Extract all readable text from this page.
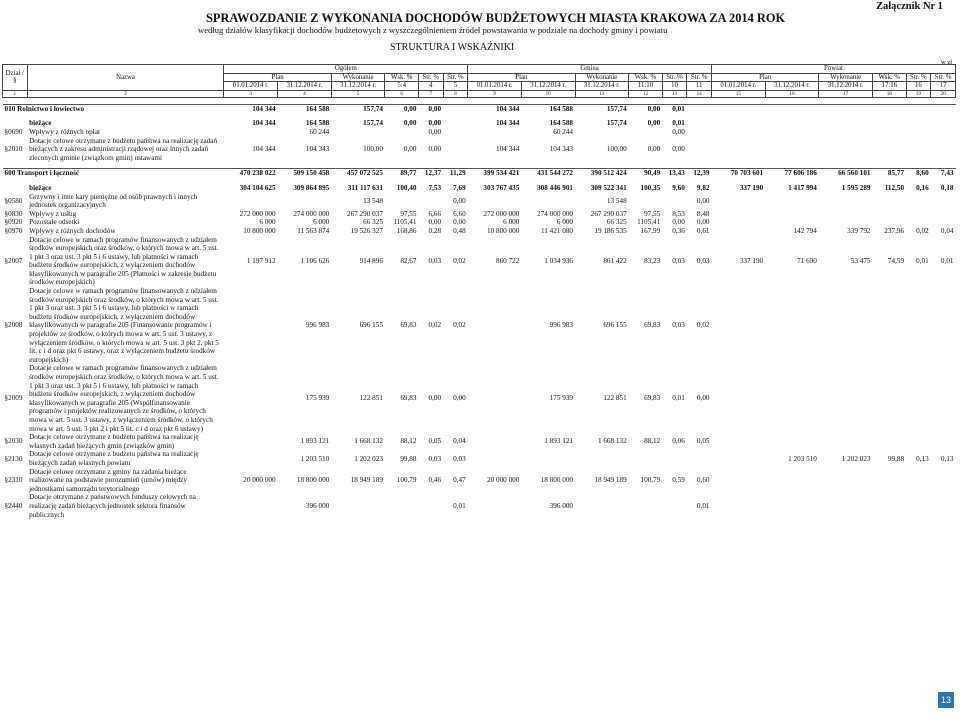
SPRAWOZDANIE Z WYKONANIA DOCHODÓW BUDŻETOWYCH MIASTA KRAKOWA ZA 2014 ROK
według działów klasyfikacji dochodów budżetowych z wyszczególnieniem źródeł powstawania w podziale na dochody gminy i powiatu
Załącznik Nr 1
STRUKTURA I WSKAŹNIKI
w zł
Dział / §	Nazwa	Ogółem						Gmina						Powiat					
		Plan		Wykonanie	Wsk. %	Str. %	Str. %	Plan		Wykonanie	Wsk. %	Str. %	Str. %	Plan		Wykonanie	Wsk. %	Str. %	Str. %
		01.01.2014 r.	31.12.2014 r.	31.12.2014 r.	5:4	4	5	01.01.2014 r.	31.12.2014 r.	31.12.2014 r.	11:10	10	11	01.01.2014 r.	31.12.2014 r.	31.12.2014 r.	17:16	16	17
1	2	3	4	5	6	7	8	9	10	11	12	13	14	15	16	17	18	19	20

010 Rolnictwo i łowiectwo		104 344	164 588	157,74	0,00	0,00		104 344	164 588	157,74	0,00	0,01							

	bieżące	104 344	164 588	157,74	0,00	0,00		104 344	164 588	157,74	0,00	0,01							
§0690	Wpływy z różnych opłat		60 244			0,00			60 244			0,00							
§2010	Dotacje celowe otrzymane z budżetu państwa na realizację zadań bieżących z zakresu administracji rządowej oraz innych zadań zleconych gminie (związkom gmin) ustawami	104 344	104 343	100,00	0,00	0,00		104 344	104 343	100,00	0,00	0,00							

600 Transport i łączność		470 238 022	509 150 458	457 072 525	89,77	12,37	11,29	399 534 421	431 544 272	390 512 424	90,49	13,43	12,39	70 703 601	77 606 186	66 560 101	85,77	8,60	7,43

	bieżące	304 104 625	309 864 895	311 117 631	100,40	7,53	7,69	303 767 435	308 446 901	309 522 341	100,35	9,60	9,82	337 190	1 417 994	1 595 289	112,50	0,16	0,18
§0580	Grzywny i inne kary pieniężne od osób prawnych i innych jednostek organizacyjnych			13 548			0,00			13 548			0,00						
§0830	Wpływy z usług	272 000 000	274 000 000	267 290 037	97,55	6,66	6,60	272 000 000	274 000 000	267 290 037	97,55	8,53	8,48						
§0920	Pozostałe odsetki	6 000	6 000	66 325	1105,41	0,00	0,00	6 000	6 000	66 325	1105,41	0,00	0,00						
§0970	Wpływy z różnych dochodów	10 800 000	11 563 874	19 526 327	168,86	0,28	0,48	10 800 000	11 421 080	19 186 535	167,99	0,36	0,61		142 794	339 792	237,96	0,02	0,04
§2007	Dotacje celowe w ramach programów finansowanych z udziałem środków europejskich oraz środków, o których mowa w art. 5 ust. 1 pkt 3 oraz ust. 3 pkt 5 i 6 ustawy, lub płatności w ramach budżetu środków europejskich, z wyłączeniem dochodów klasyfikowanych w paragrafie 205 (Płatności w zakresie budżetu środków europejskich)	1 197 912	1 106 626	914 896	82,67	0,03	0,02	860 722	1 034 936	861 422	83,23	0,03	0,03	337 190	71 690	53 475	74,59	0,01	0,01
§2008	Dotacje celowe w ramach programów finansowanych z udziałem środków europejskich oraz środków, o których mowa w art. 5 ust. 1 pkt 3 oraz ust. 3 pkt 5 i 6 ustawy, lub płatności w ramach budżetu środków europejskich, z wyłączeniem dochodów klasyfikowanych w paragrafie 205 (Finansowanie programów i projektów ze środków, o których mowa w art. 5 ust. 3 ustawy, z wyłączeniem środków, o których mowa w art. 5 ust. 3 pkt 2, pkt 5 lit. c i d oraz pkt 6 ustawy, oraz z wyłączeniem budżetu środków europejskich)		996 983	696 155	69,83	0,02	0,02		996 983	696 155	69,83	0,03	0,02						
§2009	Dotacje celowe w ramach programów finansowanych z udziałem środków europejskich oraz środków, o których mowa w art. 5 ust. 1 pkt 3 oraz ust. 3 pkt 5 i 6 ustawy, lub płatności w ramach budżetu środków europejskich, z wyłączeniem dochodów klasyfikowanych w paragrafie 205 (Współfinansowanie programów i projektów realizowanych ze środków, o których mowa w art. 5 ust. 3 ustawy, z wyłączeniem środków, o których mowa w art. 5 ust. 3 pkt 2 i pkt 5 lit. c i d oraz pkt 6 ustawy)		175 939	122 851	69,83	0,00	0,00		175 939	122 851	69,83	0,01	0,00						
§2030	Dotacje celowe otrzymane z budżetu państwa na realizację własnych zadań bieżących gmin (związków gmin)		1 893 121	1 668 132	88,12	0,05	0,04		1 893 121	1 668 132	88,12	0,06	0,05						
§2130	Dotacje celowe otrzymane z budżetu państwa na realizację bieżących zadań własnych powiatu		1 203 510	1 202 023	99,88	0,03	0,03								1 203 510	1 202 023	99,88	0,13	0,13
§2310	Dotacje celowe otrzymane z gminy na zadania bieżące realizowane na podstawie porozumień (umów) między jednostkami samorządu terytorialnego	20 000 000	18 800 000	18 949 189	100,79	0,46	0,47	20 000 000	18 800 000	18 949 189	100,79	0,59	0,60						
§2440	Dotacje otrzymane z państwowych funduszy celowych na realizację zadań bieżących jednostek sektora finansów publicznych		396 000				0,01		396 000				0,01						
13
